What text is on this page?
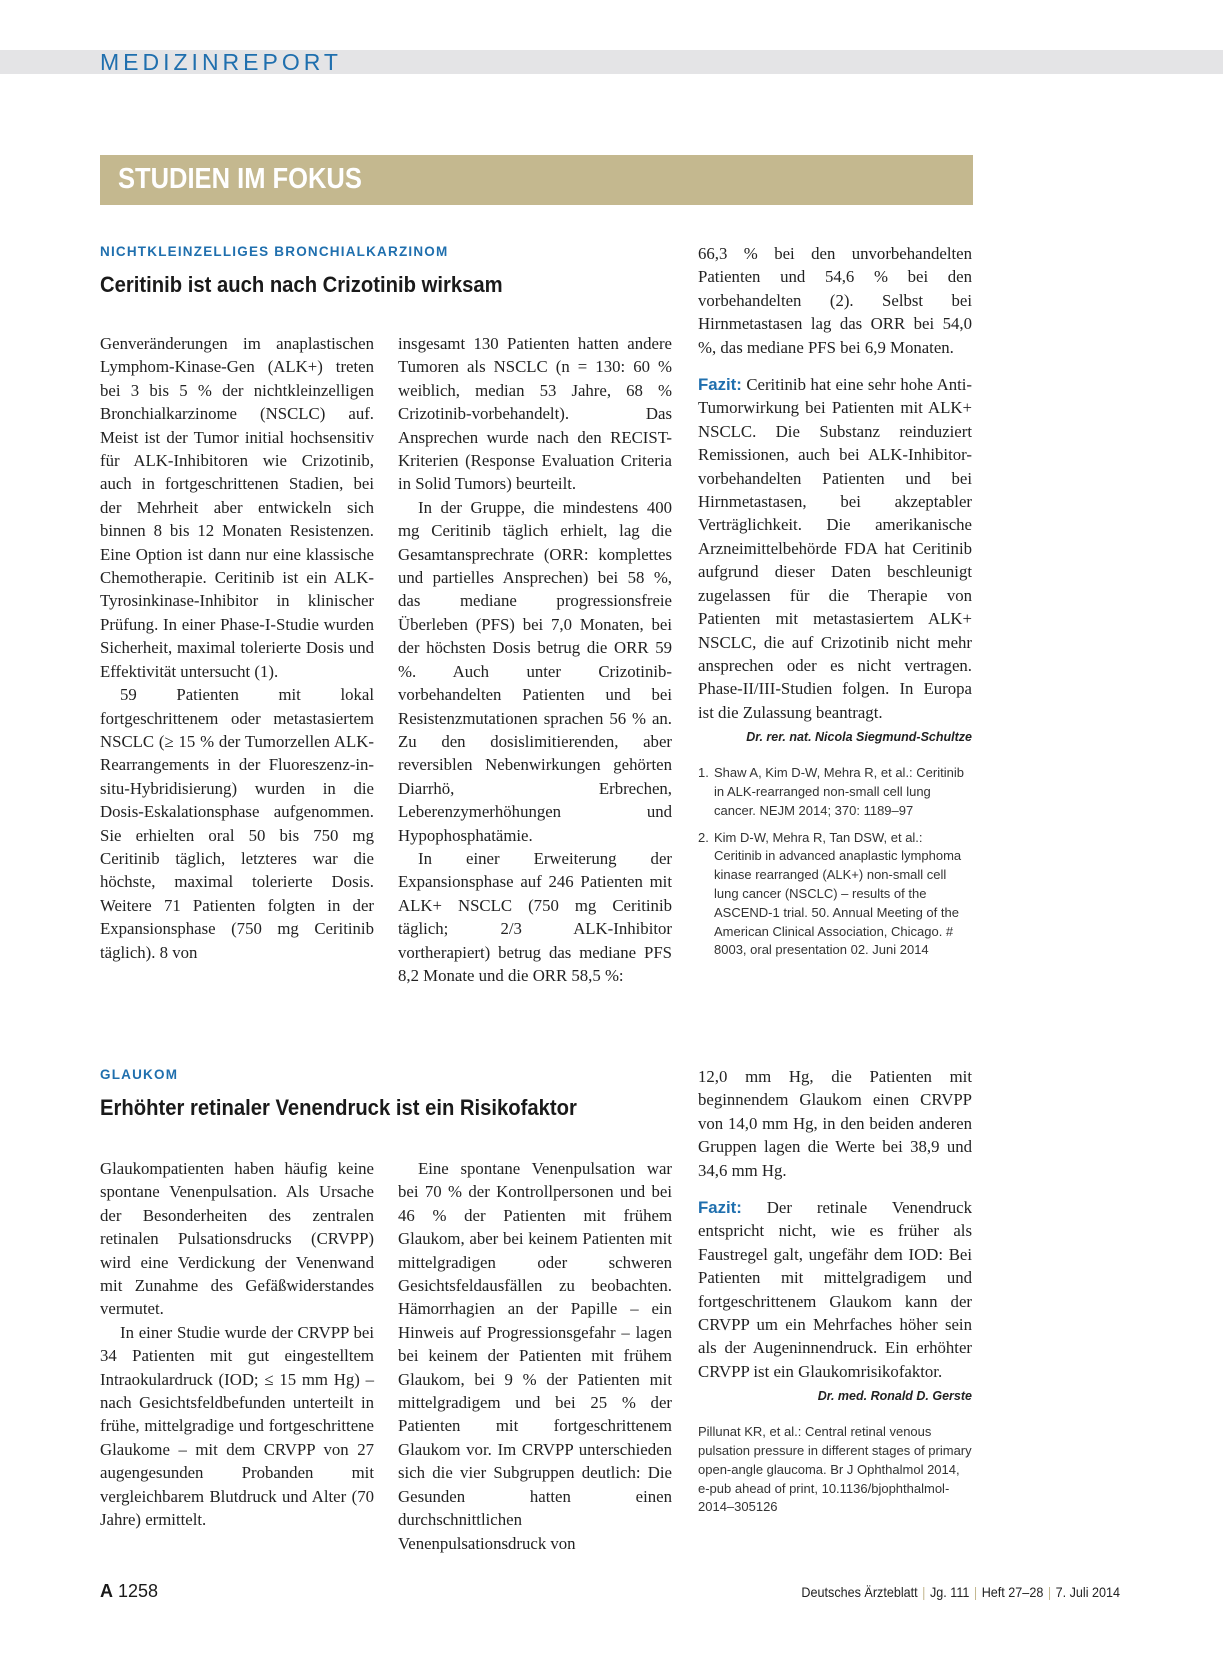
MEDIZINREPORT
STUDIEN IM FOKUS
NICHTKLEINZELLIGES BRONCHIALKARZINOM
Ceritinib ist auch nach Crizotinib wirksam

Genveränderungen im anaplastischen Lymphom-Kinase-Gen (ALK+) treten bei 3 bis 5 % der nichtkleinzelligen Bronchialkarzinome (NSCLC) auf. Meist ist der Tumor initial hochsensitiv für ALK-Inhibitoren wie Crizotinib, auch in fortgeschrittenen Stadien, bei der Mehrheit aber entwickeln sich binnen 8 bis 12 Monaten Resistenzen. Eine Option ist dann nur eine klassische Chemotherapie. Ceritinib ist ein ALK-Tyrosinkinase-Inhibitor in klinischer Prüfung. In einer Phase-I-Studie wurden Sicherheit, maximal tolerierte Dosis und Effektivität untersucht (1).

59 Patienten mit lokal fortgeschrittenem oder metastasiertem NSCLC (≥ 15 % der Tumorzellen ALK-Rearrangements in der Fluoreszenz-in-situ-Hybridisierung) wurden in die Dosis-Eskalationsphase aufgenommen. Sie erhielten oral 50 bis 750 mg Ceritinib täglich, letzteres war die höchste, maximal tolerierte Dosis. Weitere 71 Patienten folgten in der Expansionsphase (750 mg Ceritinib täglich). 8 von

insgesamt 130 Patienten hatten andere Tumoren als NSCLC (n = 130: 60 % weiblich, median 53 Jahre, 68 % Crizotinib-vorbehandelt). Das Ansprechen wurde nach den RECIST-Kriterien (Response Evaluation Criteria in Solid Tumors) beurteilt.

In der Gruppe, die mindestens 400 mg Ceritinib täglich erhielt, lag die Gesamtansprechrate (ORR: komplettes und partielles Ansprechen) bei 58 %, das mediane progressionsfreie Überleben (PFS) bei 7,0 Monaten, bei der höchsten Dosis betrug die ORR 59 %. Auch unter Crizotinib-vorbehandelten Patienten und bei Resistenzmutationen sprachen 56 % an. Zu den dosislimitierenden, aber reversiblen Nebenwirkungen gehörten Diarrhö, Erbrechen, Leberenzymerhöhungen und Hypophosphatämie.

In einer Erweiterung der Expansionsphase auf 246 Patienten mit ALK+ NSCLC (750 mg Ceritinib täglich; 2/3 ALK-Inhibitor vortherapiert) betrug das mediane PFS 8,2 Monate und die ORR 58,5 %:

66,3 % bei den unvorbehandelten Patienten und 54,6 % bei den vorbehandelten (2). Selbst bei Hirnmetastasen lag das ORR bei 54,0 %, das mediane PFS bei 6,9 Monaten.

Fazit: Ceritinib hat eine sehr hohe Anti-Tumorwirkung bei Patienten mit ALK+ NSCLC. Die Substanz reinduziert Remissionen, auch bei ALK-Inhibitor-vorbehandelten Patienten und bei Hirnmetastasen, bei akzeptabler Verträglichkeit. Die amerikanische Arzneimittelbehörde FDA hat Ceritinib aufgrund dieser Daten beschleunigt zugelassen für die Therapie von Patienten mit metastasiertem ALK+ NSCLC, die auf Crizotinib nicht mehr ansprechen oder es nicht vertragen. Phase-II/III-Studien folgen. In Europa ist die Zulassung beantragt.

Dr. rer. nat. Nicola Siegmund-Schultze
1. Shaw A, Kim D-W, Mehra R, et al.: Ceritinib in ALK-rearranged non-small cell lung cancer. NEJM 2014; 370: 1189–97
2. Kim D-W, Mehra R, Tan DSW, et al.: Ceritinib in advanced anaplastic lymphoma kinase rearranged (ALK+) non-small cell lung cancer (NSCLC) – results of the ASCEND-1 trial. 50. Annual Meeting of the American Clinical Association, Chicago. # 8003, oral presentation 02. Juni 2014
GLAUKOM
Erhöhter retinaler Venendruck ist ein Risikofaktor

Glaukompatienten haben häufig keine spontane Venenpulsation. Als Ursache der Besonderheiten des zentralen retinalen Pulsationsdrucks (CRVPP) wird eine Verdickung der Venenwand mit Zunahme des Gefäßwiderstandes vermutet.

In einer Studie wurde der CRVPP bei 34 Patienten mit gut eingestelltem Intraokulardruck (IOD; ≤ 15 mm Hg) – nach Gesichtsfeldbefunden unterteilt in frühe, mittelgradige und fortgeschrittene Glaukome – mit dem CRVPP von 27 augengesunden Probanden mit vergleichbarem Blutdruck und Alter (70 Jahre) ermittelt.

Eine spontane Venenpulsation war bei 70 % der Kontrollpersonen und bei 46 % der Patienten mit frühem Glaukom, aber bei keinem Patienten mit mittelgradigen oder schweren Gesichtsfeldausfällen zu beobachten. Hämorrhagien an der Papille – ein Hinweis auf Progressionsgefahr – lagen bei keinem der Patienten mit frühem Glaukom, bei 9 % der Patienten mit mittelgradigem und bei 25 % der Patienten mit fortgeschrittenem Glaukom vor. Im CRVPP unterschieden sich die vier Subgruppen deutlich: Die Gesunden hatten einen durchschnittlichen Venenpulsationsdruck von

12,0 mm Hg, die Patienten mit beginnendem Glaukom einen CRVPP von 14,0 mm Hg, in den beiden anderen Gruppen lagen die Werte bei 38,9 und 34,6 mm Hg.

Fazit: Der retinale Venendruck entspricht nicht, wie es früher als Faustregel galt, ungefähr dem IOD: Bei Patienten mit mittelgradigem und fortgeschrittenem Glaukom kann der CRVPP um ein Mehrfaches höher sein als der Augeninnendruck. Ein erhöhter CRVPP ist ein Glaukomrisikofaktor.

Dr. med. Ronald D. Gerste
Pillunat KR, et al.: Central retinal venous pulsation pressure in different stages of primary open-angle glaucoma. Br J Ophthalmol 2014, e-pub ahead of print, 10.1136/bjophthalmol-2014–305126
A 1258	Deutsches Ärzteblatt | Jg. 111 | Heft 27–28 | 7. Juli 2014
